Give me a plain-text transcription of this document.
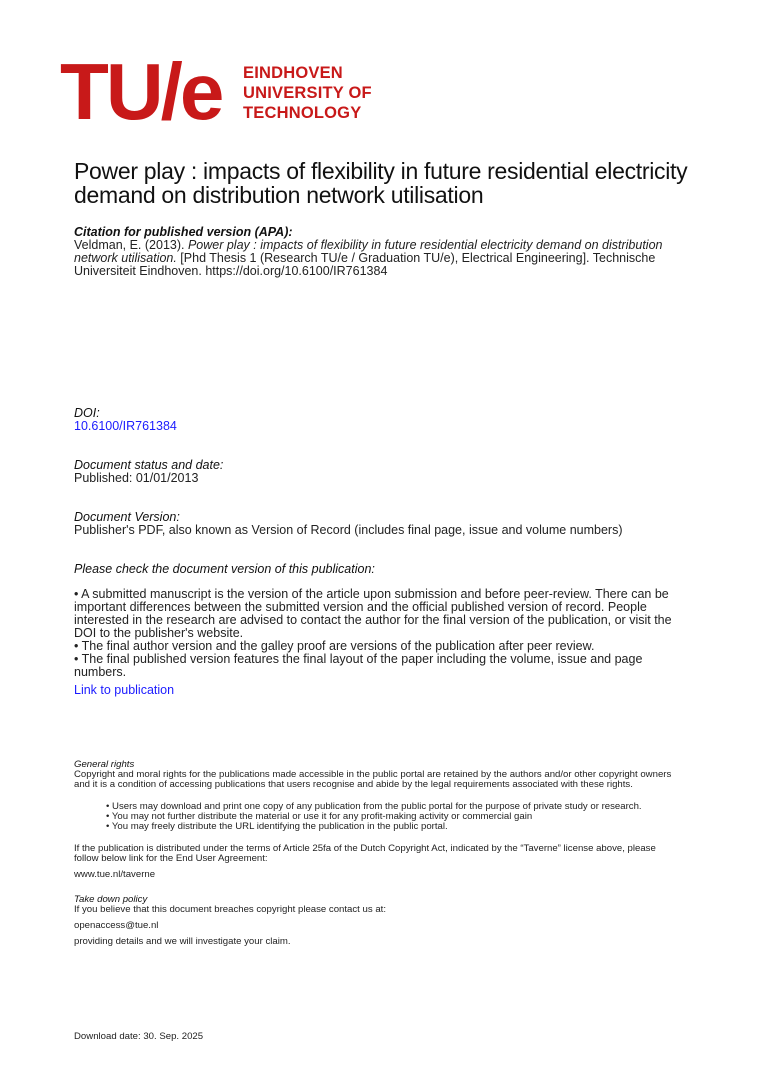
TU/e EINDHOVEN
UNIVERSITY OF
TECHNOLOGY
Power play : impacts of flexibility in future residential electricity
demand on distribution network utilisation
Citation for published version (APA):
Veldman, E. (2013). Power play : impacts of flexibility in future residential electricity demand on distribution
network utilisation. [Phd Thesis 1 (Research TU/e / Graduation TU/e), Electrical Engineering]. Technische
Universiteit Eindhoven. https://doi.org/10.6100/IR761384
DOI:
10.6100/IR761384
Document status and date:
Published: 01/01/2013
Document Version:
Publisher's PDF, also known as Version of Record (includes final page, issue and volume numbers)
Please check the document version of this publication:
• A submitted manuscript is the version of the article upon submission and before peer-review. There can be
important differences between the submitted version and the official published version of record. People
interested in the research are advised to contact the author for the final version of the publication, or visit the
DOI to the publisher's website.
• The final author version and the galley proof are versions of the publication after peer review.
• The final published version features the final layout of the paper including the volume, issue and page
numbers.
Link to publication
General rights
Copyright and moral rights for the publications made accessible in the public portal are retained by the authors and/or other copyright owners
and it is a condition of accessing publications that users recognise and abide by the legal requirements associated with these rights.
• Users may download and print one copy of any publication from the public portal for the purpose of private study or research.
• You may not further distribute the material or use it for any profit-making activity or commercial gain
• You may freely distribute the URL identifying the publication in the public portal.
If the publication is distributed under the terms of Article 25fa of the Dutch Copyright Act, indicated by the “Taverne” license above, please
follow below link for the End User Agreement:
www.tue.nl/taverne
Take down policy
If you believe that this document breaches copyright please contact us at:
openaccess@tue.nl
providing details and we will investigate your claim.
Download date: 30. Sep. 2025
